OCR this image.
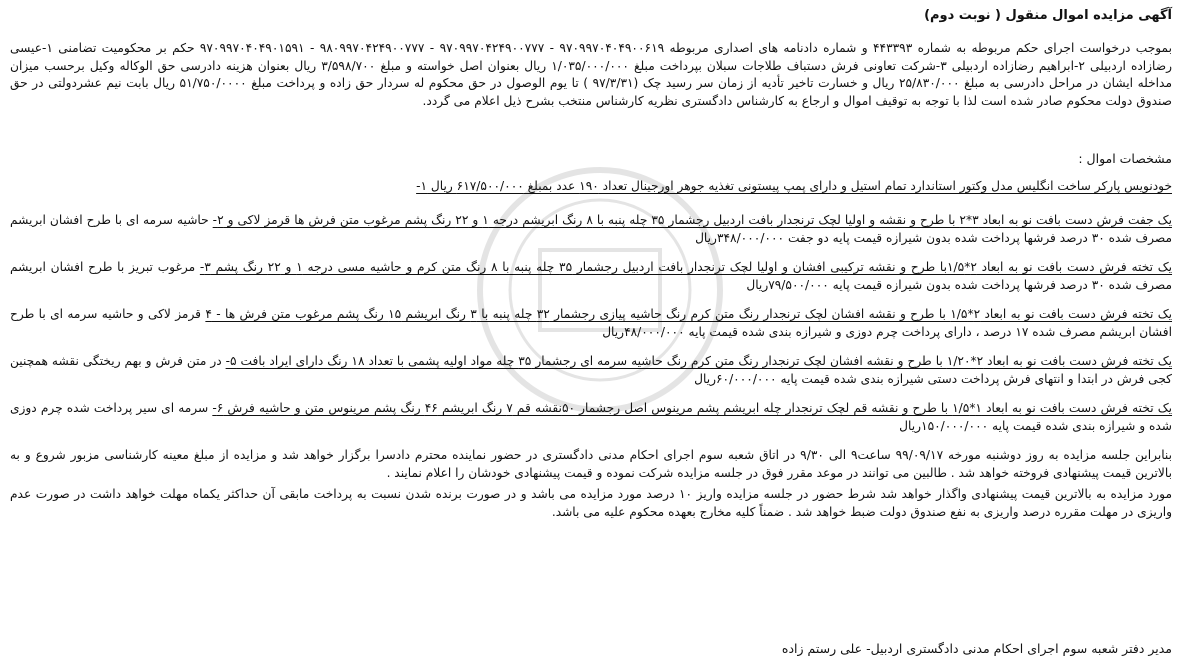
آگهی مزایده اموال منقول ( نوبت دوم)

بموجب درخواست اجرای حکم مربوطه به شماره ۴۴۳۳۹۳ و شماره دادنامه های اصداری مربوطه ۹۷۰۹۹۷۰۴۰۴۹۰۰۶۱۹ - ۹۷۰۹۹۷۰۴۲۴۹۰۰۷۷۷ - ۹۸۰۹۹۷۰۴۲۴۹۰۰۷۷۷ - ۹۷۰۹۹۷۰۴۰۴۹۰۱۵۹۱ حکم بر محکومیت تضامنی ۱-عیسی رضازاده اردبیلی ۲-ابراهیم رضازاده اردبیلی ۳-شرکت تعاونی فرش دستباف طلاجات سبلان بپرداخت مبلغ ۱/۰۳۵/۰۰۰/۰۰۰ ریال بعنوان اصل خواسته و مبلغ ۳/۵۹۸/۷۰۰ ریال بعنوان هزینه دادرسی حق الوکاله وکیل برحسب میزان مداخله ایشان در مراحل دادرسی به مبلغ ۲۵/۸۳۰/۰۰۰ ریال و خسارت تاخیر تأدیه از زمان سر رسید چک (۹۷/۳/۳۱ ) تا یوم الوصول در حق محکوم له سردار حق زاده و پرداخت مبلغ ۵۱/۷۵۰/۰۰۰۰ ریال بابت نیم عشردولتی در حق صندوق دولت محکوم صادر شده است لذا با توجه به توقیف اموال و ارجاع به کارشناس دادگستری نظریه کارشناس منتخب بشرح ذیل اعلام می گردد.

مشخصات اموال :
خودنویس پارکر ساخت انگلیس مدل وکتور استاندارد تمام استیل و دارای پمپ پیستونی تغذیه جوهر اورجینال تعداد ۱۹۰ عدد بمبلغ ۶۱۷/۵۰۰/۰۰۰ ریال ۱-
یک جفت فرش دست بافت نو به ابعاد ۳*۲ با طرح و نقشه و اولیا لچک ترنجدار بافت اردبیل رجشمار ۳۵ چله پنبه با ۸ رنگ ابریشم درجه ۱ و ۲۲ رنگ پشم مرغوب متن فرش ها قرمز لاکی و ۲- حاشیه سرمه ای با طرح افشان ابریشم مصرف شده ۳۰ درصد فرشها پرداخت شده بدون شیرازه قیمت پایه دو جفت ۳۴۸/۰۰۰/۰۰۰ریال
یک تخته فرش دست بافت نو به ابعاد ۲*۱/۵با طرح و نقشه ترکیبی افشان و اولیا لچک ترنجدار بافت اردبیل رجشمار ۳۵ چله پنبه با ۸ رنگ متن کرم و حاشیه مسی درجه ۱ و ۲۲ رنگ پشم ۳- مرغوب تبریز با طرح افشان ابریشم مصرف شده ۳۰ درصد فرشها پرداخت شده بدون شیرازه قیمت پایه ۷۹/۵۰۰/۰۰۰ریال
یک تخته فرش دست بافت نو به ابعاد ۲*۱/۵ با طرح و نقشه افشان لچک ترنجدار رنگ متن کرم رنگ حاشیه پیازی رجشمار ۳۲ چله پنبه با ۳ رنگ ابریشم ۱۵ رنگ پشم مرغوب متن فرش ها - ۴ قرمز لاکی و حاشیه سرمه ای با طرح افشان ابریشم مصرف شده ۱۷ درصد ، دارای پرداخت چرم دوزی و شیرازه بندی شده قیمت پایه ۴۸/۰۰۰/۰۰۰ریال
یک تخته فرش دست بافت نو به ابعاد ۲*۱/۲۰ با طرح و نقشه افشان لچک ترنجدار رنگ متن کرم رنگ حاشیه سرمه ای رجشمار ۳۵ چله مواد اولیه پشمی با تعداد ۱۸ رنگ دارای ایراد بافت ۵- در متن فرش و بهم ریختگی نقشه همچنین کجی فرش در ابتدا و انتهای فرش پرداخت دستی شیرازه بندی شده قیمت پایه ۶۰/۰۰۰/۰۰۰ریال
یک تخته فرش دست بافت نو به ابعاد ۱*۱/۵ با طرح و نقشه قم لچک ترنجدار چله ابریشم پشم مرینوس اصل رجشمار ۵۰نقشه قم ۷ رنگ ابریشم ۴۶ رنگ پشم مرینوس متن و حاشیه فرش ۶- سرمه ای سیر پرداخت شده چرم دوزی شده و شیرازه بندی شده قیمت پایه ۱۵۰/۰۰۰/۰۰۰ریال

بنابراین جلسه مزایده به روز دوشنبه مورخه ۹۹/۰۹/۱۷ ساعت۹ الی ۹/۳۰ در اتاق شعبه سوم اجرای احکام مدنی دادگستری در حضور نماینده محترم دادسرا برگزار خواهد شد و مزایده از مبلغ معینه کارشناسی مزبور شروع و به بالاترین قیمت پیشنهادی فروخته خواهد شد . طالبین می توانند در موعد مقرر فوق در جلسه مزایده شرکت نموده و قیمت پیشنهادی خودشان را اعلام نمایند .

مورد مزایده به بالاترین قیمت پیشنهادی واگذار خواهد شد شرط حضور در جلسه مزایده واریز ۱۰ درصد مورد مزایده می باشد و در صورت برنده شدن نسبت به پرداخت مابقی آن حداکثر یکماه مهلت خواهد داشت در صورت عدم واریزی در مهلت مقرره درصد واریزی به نفع صندوق دولت ضبط خواهد شد . ضمناً کلیه مخارج بعهده محکوم علیه می باشد.

مدیر دفتر شعبه سوم اجرای احکام مدنی دادگستری اردبیل- علی رستم زاده
